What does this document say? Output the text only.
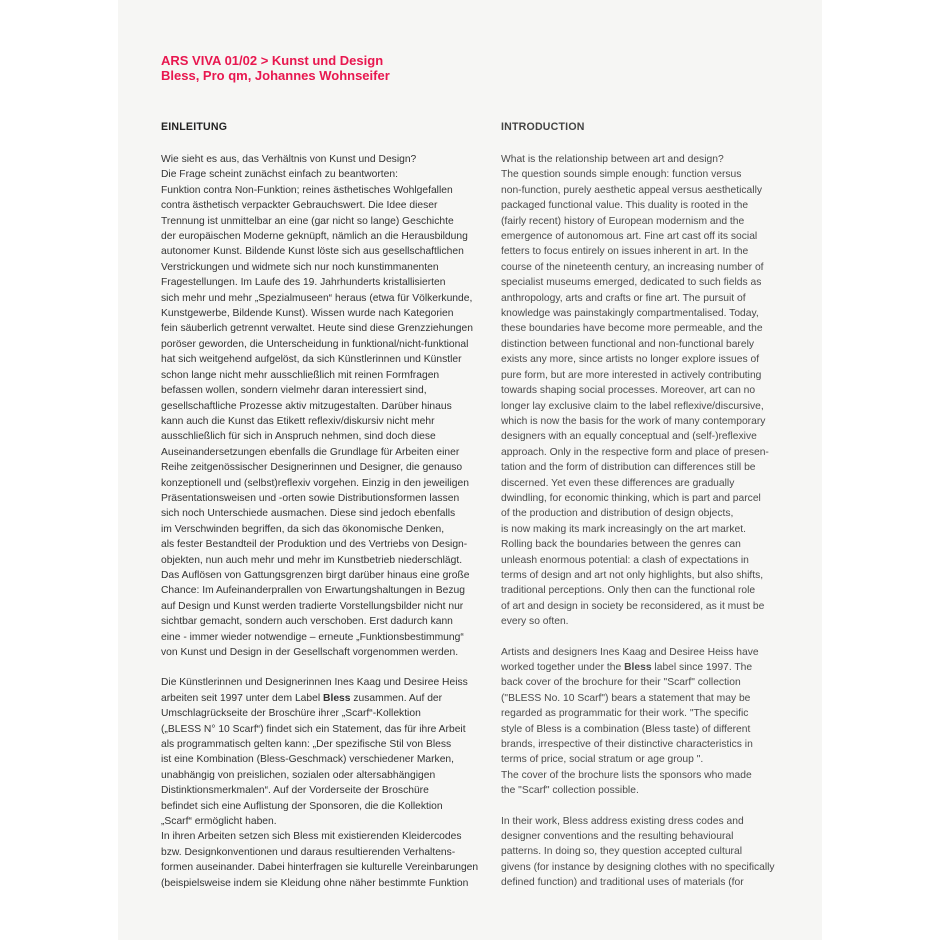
ARS VIVA 01/02 > Kunst und Design
Bless, Pro qm, Johannes Wohnseifer
EINLEITUNG
Wie sieht es aus, das Verhältnis von Kunst und Design?
Die Frage scheint zunächst einfach zu beantworten:
Funktion contra Non-Funktion; reines ästhetisches Wohlgefallen
contra ästhetisch verpackter Gebrauchswert. Die Idee dieser
Trennung ist unmittelbar an eine (gar nicht so lange) Geschichte
der europäischen Moderne geknüpft, nämlich an die Herausbildung
autonomer Kunst. Bildende Kunst löste sich aus gesellschaftlichen
Verstrickungen und widmete sich nur noch kunstimmanenten
Fragestellungen. Im Laufe des 19. Jahrhunderts kristallisierten
sich mehr und mehr „Spezialmuseen“ heraus (etwa für Völkerkunde,
Kunstgewerbe, Bildende Kunst). Wissen wurde nach Kategorien
fein säuberlich getrennt verwaltet. Heute sind diese Grenzziehungen
poröser geworden, die Unterscheidung in funktional/nicht-funktional
hat sich weitgehend aufgelöst, da sich Künstlerinnen und Künstler
schon lange nicht mehr ausschließlich mit reinen Formfragen
befassen wollen, sondern vielmehr daran interessiert sind,
gesellschaftliche Prozesse aktiv mitzugestalten. Darüber hinaus
kann auch die Kunst das Etikett reflexiv/diskursiv nicht mehr
ausschließlich für sich in Anspruch nehmen, sind doch diese
Auseinandersetzungen ebenfalls die Grundlage für Arbeiten einer
Reihe zeitgenössischer Designerinnen und Designer, die genauso
konzeptionell und (selbst)reflexiv vorgehen. Einzig in den jeweiligen
Präsentationsweisen und -orten sowie Distributionsformen lassen
sich noch Unterschiede ausmachen. Diese sind jedoch ebenfalls
im Verschwinden begriffen, da sich das ökonomische Denken,
als fester Bestandteil der Produktion und des Vertriebs von Design-
objekten, nun auch mehr und mehr im Kunstbetrieb niederschlägt.
Das Auflösen von Gattungsgrenzen birgt darüber hinaus eine große
Chance: Im Aufeinanderprallen von Erwartungshaltungen in Bezug
auf Design und Kunst werden tradierte Vorstellungsbilder nicht nur
sichtbar gemacht, sondern auch verschoben. Erst dadurch kann
eine - immer wieder notwendige – erneute „Funktionsbestimmung“
von Kunst und Design in der Gesellschaft vorgenommen werden.
Die Künstlerinnen und Designerinnen Ines Kaag und Desiree Heiss
arbeiten seit 1997 unter dem Label Bless zusammen. Auf der
Umschlagrückseite der Broschüre ihrer „Scarf“-Kollektion
(„BLESS N° 10 Scarf“) findet sich ein Statement, das für ihre Arbeit
als programmatisch gelten kann: „Der spezifische Stil von Bless
ist eine Kombination (Bless-Geschmack) verschiedener Marken,
unabhängig von preislichen, sozialen oder altersabhängigen
Distinktionsmerkmalen“. Auf der Vorderseite der Broschüre
befindet sich eine Auflistung der Sponsoren, die die Kollektion
„Scarf“ ermöglicht haben.
In ihren Arbeiten setzen sich Bless mit existierenden Kleidercodes
bzw. Designkonventionen und daraus resultierenden Verhaltens-
formen auseinander. Dabei hinterfragen sie kulturelle Vereinbarungen
(beispielsweise indem sie Kleidung ohne näher bestimmte Funktion
INTRODUCTION
What is the relationship between art and design?
The question sounds simple enough: function versus
non-function, purely aesthetic appeal versus aesthetically
packaged functional value. This duality is rooted in the
(fairly recent) history of European modernism and the
emergence of autonomous art. Fine art cast off its social
fetters to focus entirely on issues inherent in art. In the
course of the nineteenth century, an increasing number of
specialist museums emerged, dedicated to such fields as
anthropology, arts and crafts or fine art. The pursuit of
knowledge was painstakingly compartmentalised. Today,
these boundaries have become more permeable, and the
distinction between functional and non-functional barely
exists any more, since artists no longer explore issues of
pure form, but are more interested in actively contributing
towards shaping social processes. Moreover, art can no
longer lay exclusive claim to the label reflexive/discursive,
which is now the basis for the work of many contemporary
designers with an equally conceptual and (self-)reflexive
approach. Only in the respective form and place of presen-
tation and the form of distribution can differences still be
discerned. Yet even these differences are gradually
dwindling, for economic thinking, which is part and parcel
of the production and distribution of design objects,
is now making its mark increasingly on the art market.
Rolling back the boundaries between the genres can
unleash enormous potential: a clash of expectations in
terms of design and art not only highlights, but also shifts,
traditional perceptions. Only then can the functional role
of art and design in society be reconsidered, as it must be
every so often.
Artists and designers Ines Kaag and Desiree Heiss have
worked together under the Bless label since 1997. The
back cover of the brochure for their "Scarf" collection
("BLESS No. 10 Scarf") bears a statement that may be
regarded as programmatic for their work. "The specific
style of Bless is a combination (Bless taste) of different
brands, irrespective of their distinctive characteristics in
terms of price, social stratum or age group ".
The cover of the brochure lists the sponsors who made
the "Scarf" collection possible.
In their work, Bless address existing dress codes and
designer conventions and the resulting behavioural
patterns. In doing so, they question accepted cultural
givens (for instance by designing clothes with no specifically
defined function) and traditional uses of materials (for
